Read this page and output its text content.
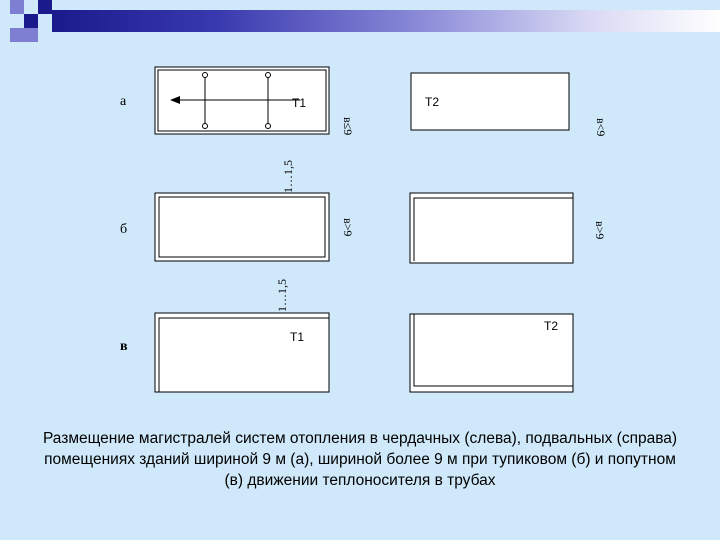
а
б
в
Т1	Т2
Т1
Т2
в≤9	в<9
в>9	в>9
1…1,5
1…1,5
Размещение магистралей систем отопления в чердачных (слева), подвальных (справа) помещениях зданий шириной 9 м (а), шириной более 9 м при тупиковом (б) и попутном (в) движении теплоносителя в трубах
